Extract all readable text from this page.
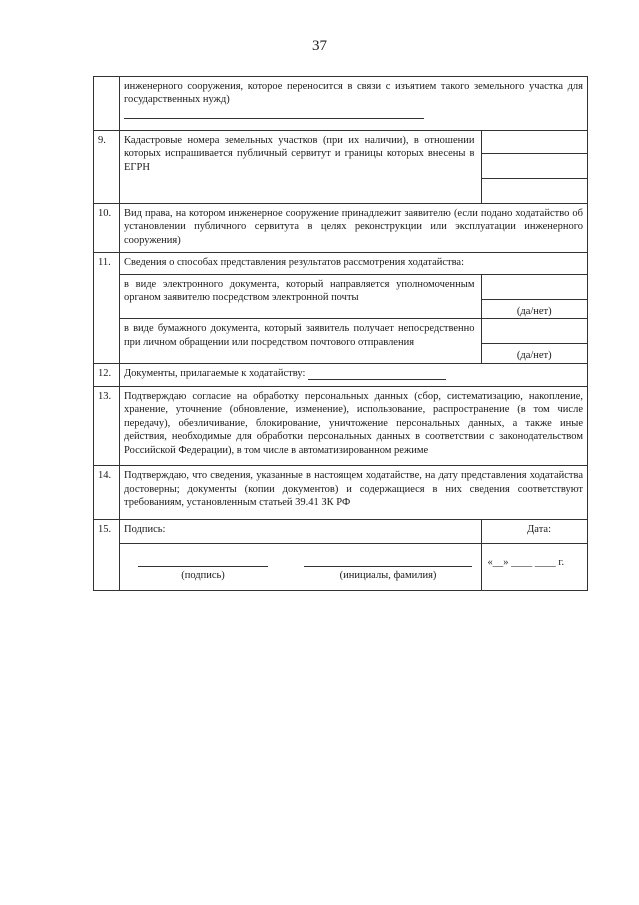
37

инженерного сооружения, которое переносится в связи с изъятием такого земельного участка для государственных нужд)

9.	Кадастровые номера земельных участков (при их наличии), в отношении которых испрашивается публичный сервитут и границы которых внесены в ЕГРН	

10.	Вид права, на котором инженерное сооружение принадлежит заявителю (если подано ходатайство об установлении публичного сервитута в целях реконструкции или эксплуатации инженерного сооружения)
11.	Сведения о способах представления результатов рассмотрения ходатайства:
в виде электронного документа, который направляется уполномоченным органом заявителю посредством электронной почты	
(да/нет)

в виде бумажного документа, который заявитель получает непосредственно при личном обращении или посредством почтового отправления	
(да/нет)

12.	Документы, прилагаемые к ходатайству:
13.	Подтверждаю согласие на обработку персональных данных (сбор, систематизацию, накопление, хранение, уточнение (обновление, изменение), использование, распространение (в том числе передачу), обезличивание, блокирование, уничтожение персональных данных, а также иные действия, необходимые для обработки персональных данных в соответствии с законодательством Российской Федерации), в том числе в автоматизированном режиме
14.	Подтверждаю, что сведения, указанные в настоящем ходатайстве, на дату представления ходатайства достоверны; документы (копии документов) и содержащиеся в них сведения соответствуют требованиям, установленным статьей 39.41 ЗК РФ
15.	Подпись:	Дата:

(подпись)	(инициалы, фамилия)
	«__» ____ ____ г.
